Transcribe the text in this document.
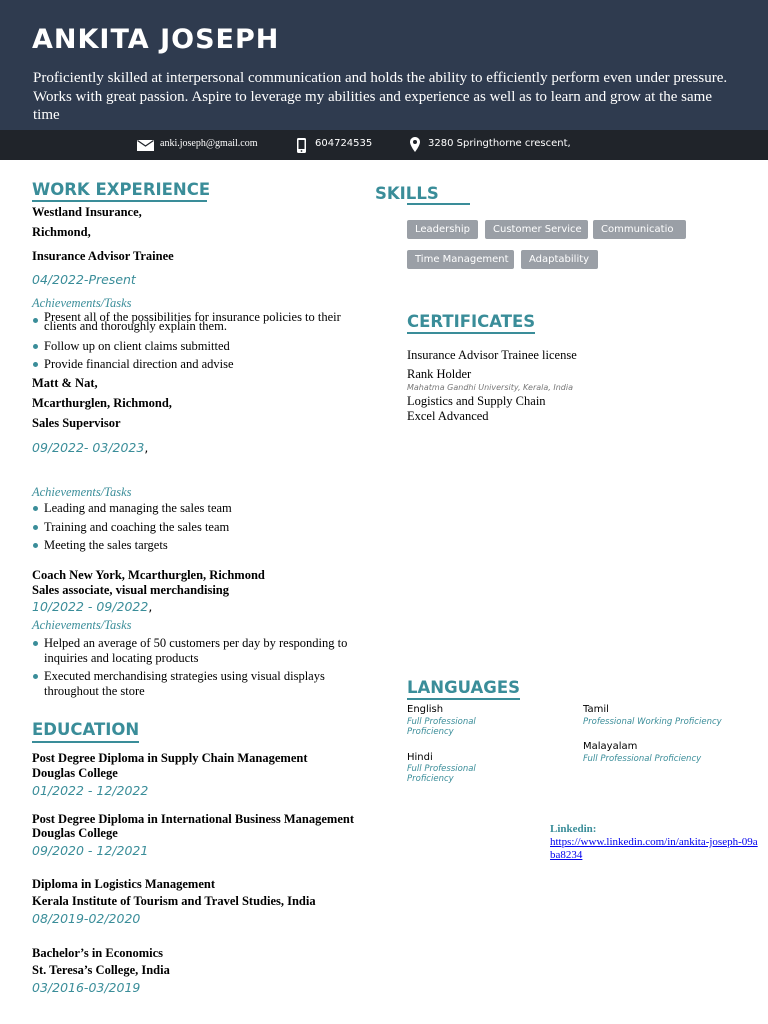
ANKITA JOSEPH
Proficiently skilled at interpersonal communication and holds the ability to efficiently perform even under pressure. Works with great passion. Aspire to leverage my abilities and experience as well as to learn and grow at the same time
anki.joseph@gmail.com	604724535	3280 Springthorne crescent,
WORK EXPERIENCE
Westland Insurance,
Richmond,
Insurance Advisor Trainee
04/2022-Present
Achievements/Tasks
Present all of the possibilities for insurance policies to their clients and thoroughly explain them.
Follow up on client claims submitted
Provide financial direction and advise
Matt & Nat,
Mcarthurglen, Richmond,
Sales Supervisor
09/2022- 03/2023,
Achievements/Tasks
Leading and managing the sales team
Training and coaching the sales team
Meeting the sales targets
Coach New York, Mcarthurglen, Richmond
Sales associate, visual merchandising
10/2022 - 09/2022,
Achievements/Tasks
Helped an average of 50 customers per day by responding to inquiries and locating products
Executed merchandising strategies using visual displays throughout the store
EDUCATION
Post Degree Diploma in Supply Chain Management
Douglas College
01/2022 - 12/2022
Post Degree Diploma in International Business Management
Douglas College
09/2020 - 12/2021
Diploma in Logistics Management
Kerala Institute of Tourism and Travel Studies, India
08/2019-02/2020
Bachelor’s in Economics
St. Teresa’s College, India
03/2016-03/2019
SKILLS
Leadership	Customer Service	Communicatio
Time Management	Adaptability
CERTIFICATES
Insurance Advisor Trainee license
Rank Holder
Mahatma Gandhi University, Kerala, India
Logistics and Supply Chain
Excel Advanced
LANGUAGES
English
Full Professional Proficiency
Tamil
Professional Working Proficiency
Hindi
Full Professional Proficiency
Malayalam
Full Professional Proficiency
Linkedin:
https://www.linkedin.com/in/ankita-joseph-09aba8234
